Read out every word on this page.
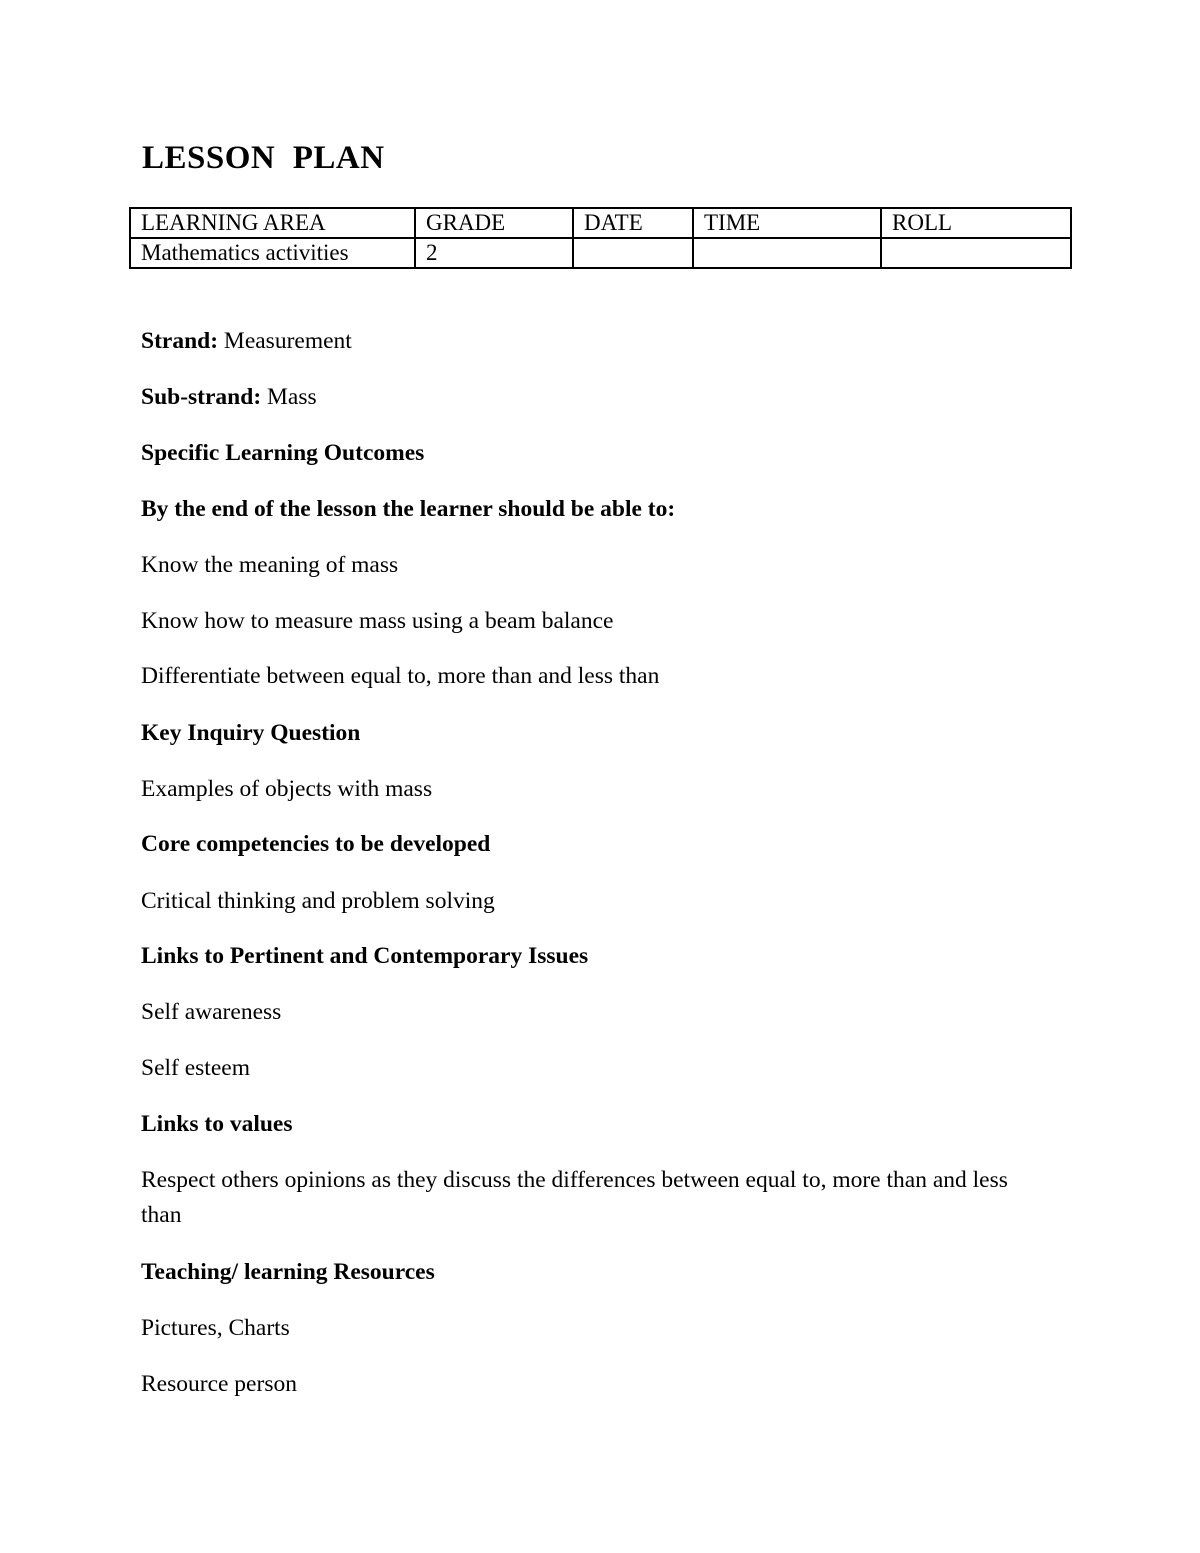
LESSON  PLAN
LEARNING AREA	GRADE	DATE	TIME	ROLL
Mathematics activities	2			
Strand: Measurement
Sub-strand: Mass
Specific Learning Outcomes
By the end of the lesson the learner should be able to:
Know the meaning of mass
Know how to measure mass using a beam balance
Differentiate between equal to, more than and less than
Key Inquiry Question
Examples of objects with mass
Core competencies to be developed
Critical thinking and problem solving
Links to Pertinent and Contemporary Issues
Self awareness
Self esteem
Links to values
Respect others opinions as they discuss the differences between equal to, more than and less than
Teaching/ learning Resources
Pictures, Charts
Resource person
